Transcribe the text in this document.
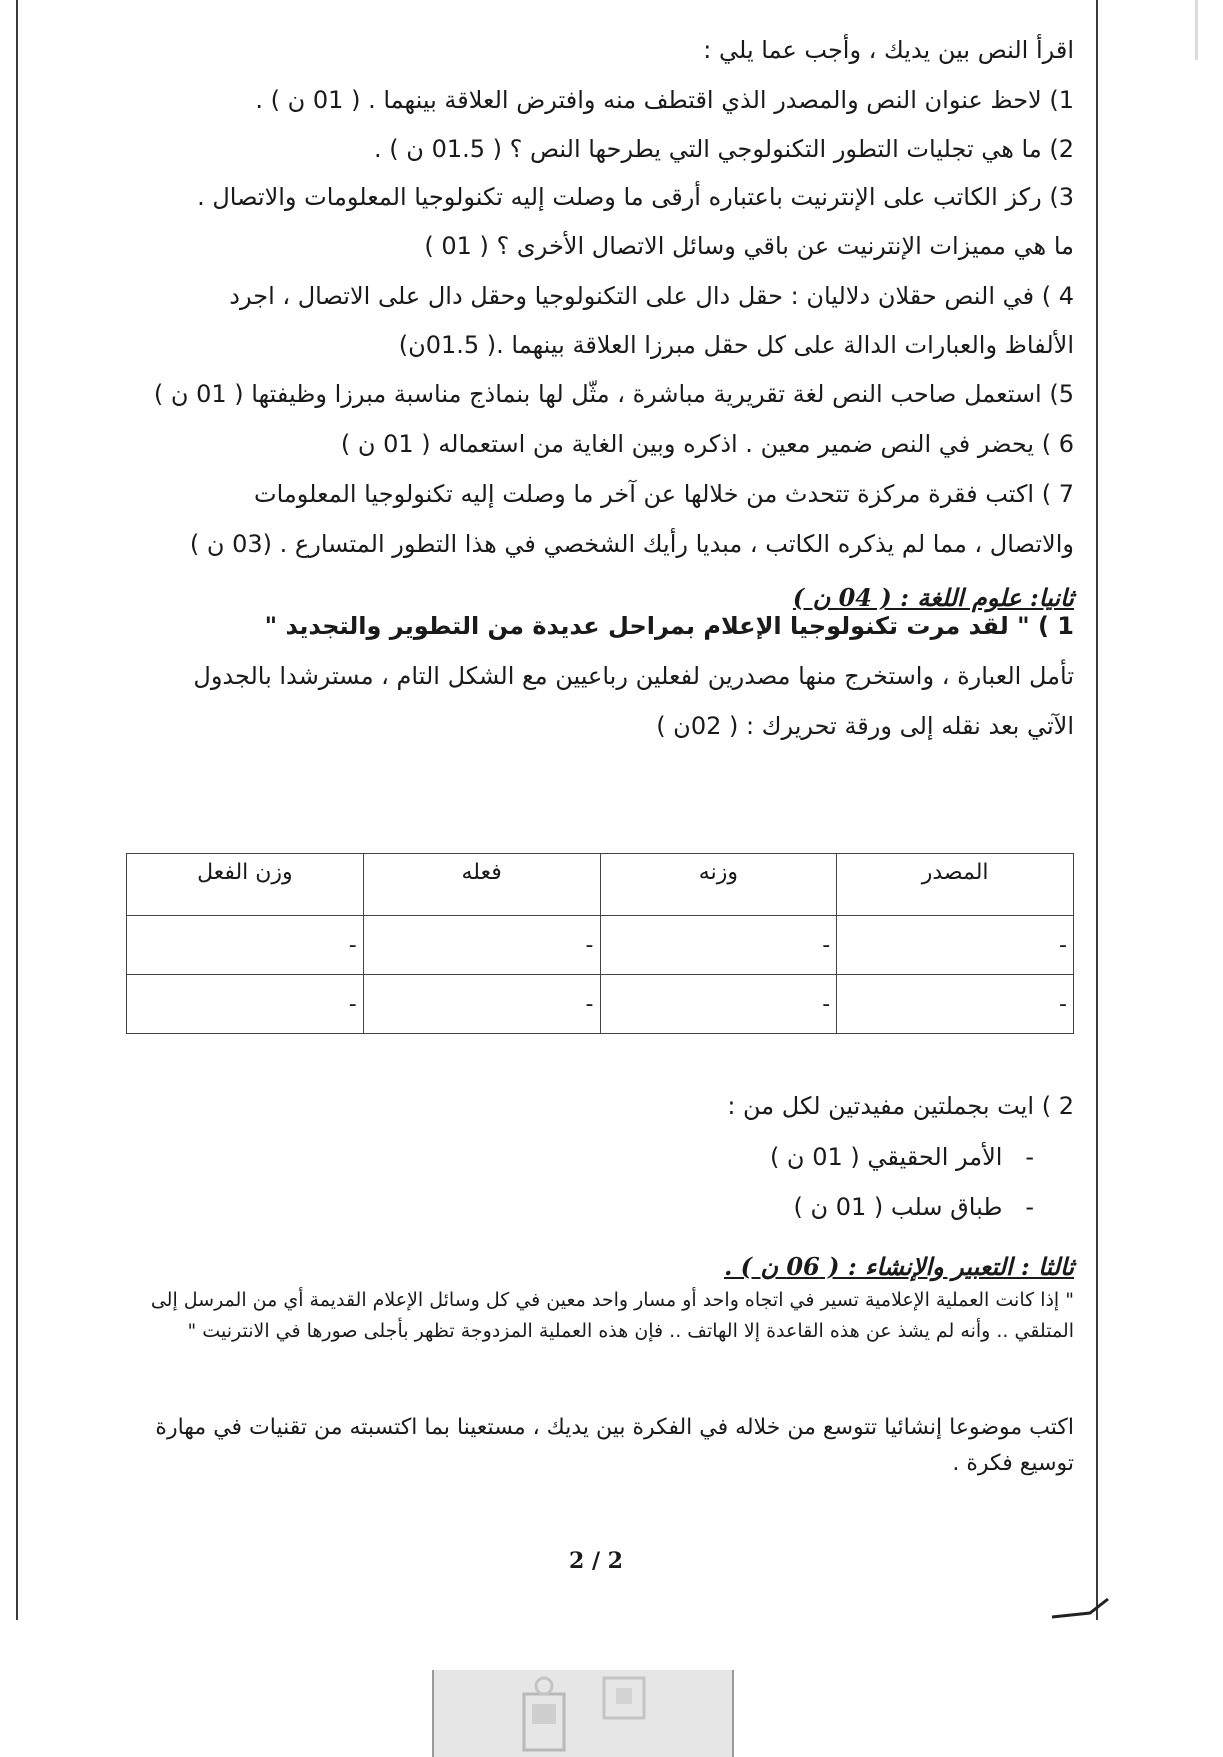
اقرأ النص بين يديك ، وأجب عما يلي :
1) لاحظ عنوان النص والمصدر الذي اقتطف منه وافترض العلاقة بينهما . ( 01 ن ) .
2) ما هي تجليات التطور التكنولوجي التي يطرحها النص ؟ ( 01.5 ن ) .
3) ركز الكاتب على الإنترنيت باعتباره أرقى ما وصلت إليه تكنولوجيا المعلومات والاتصال .
ما هي مميزات الإنترنيت عن باقي وسائل الاتصال الأخرى ؟ ( 01 )
4 ) في النص حقلان دلاليان : حقل دال على التكنولوجيا وحقل دال على الاتصال ، اجرد
الألفاظ والعبارات الدالة على كل حقل مبرزا العلاقة بينهما .( 01.5ن)
5) استعمل صاحب النص لغة تقريرية مباشرة ، مثّل لها بنماذج مناسبة مبرزا وظيفتها ( 01 ن )
6 ) يحضر في النص ضمير معين . اذكره وبين الغاية من استعماله ( 01 ن )
7 ) اكتب فقرة مركزة تتحدث من خلالها عن آخر ما وصلت إليه تكنولوجيا المعلومات
والاتصال ، مما لم يذكره الكاتب ، مبديا رأيك الشخصي في هذا التطور المتسارع . (03 ن )
ثانيا: علوم اللغة : ( 04 ن )
1 ) " لقد مرت تكنولوجيا الإعلام بمراحل عديدة من التطوير والتجديد "
تأمل العبارة ، واستخرج منها مصدرين لفعلين رباعيين مع الشكل التام ، مسترشدا بالجدول
الآتي بعد نقله إلى ورقة تحريرك : ( 02ن )
المصدر	وزنه	فعله	وزن الفعل
-	-	-	-
-	-	-	-
2 ) ايت بجملتين مفيدتين لكل من :
-   الأمر الحقيقي ( 01 ن )
-   طباق سلب ( 01 ن )
ثالثا : التعبير والإنشاء : ( 06 ن ) .
" إذا كانت العملية الإعلامية تسير في اتجاه واحد أو مسار واحد معين في كل وسائل الإعلام القديمة أي من المرسل إلى المتلقي .. وأنه لم يشذ عن هذه القاعدة إلا الهاتف .. فإن هذه العملية المزدوجة تظهر بأجلى صورها في الانترنيت "
اكتب موضوعا إنشائيا تتوسع من خلاله في الفكرة بين يديك ، مستعينا بما اكتسبته من تقنيات في مهارة توسيع فكرة .
2 / 2
